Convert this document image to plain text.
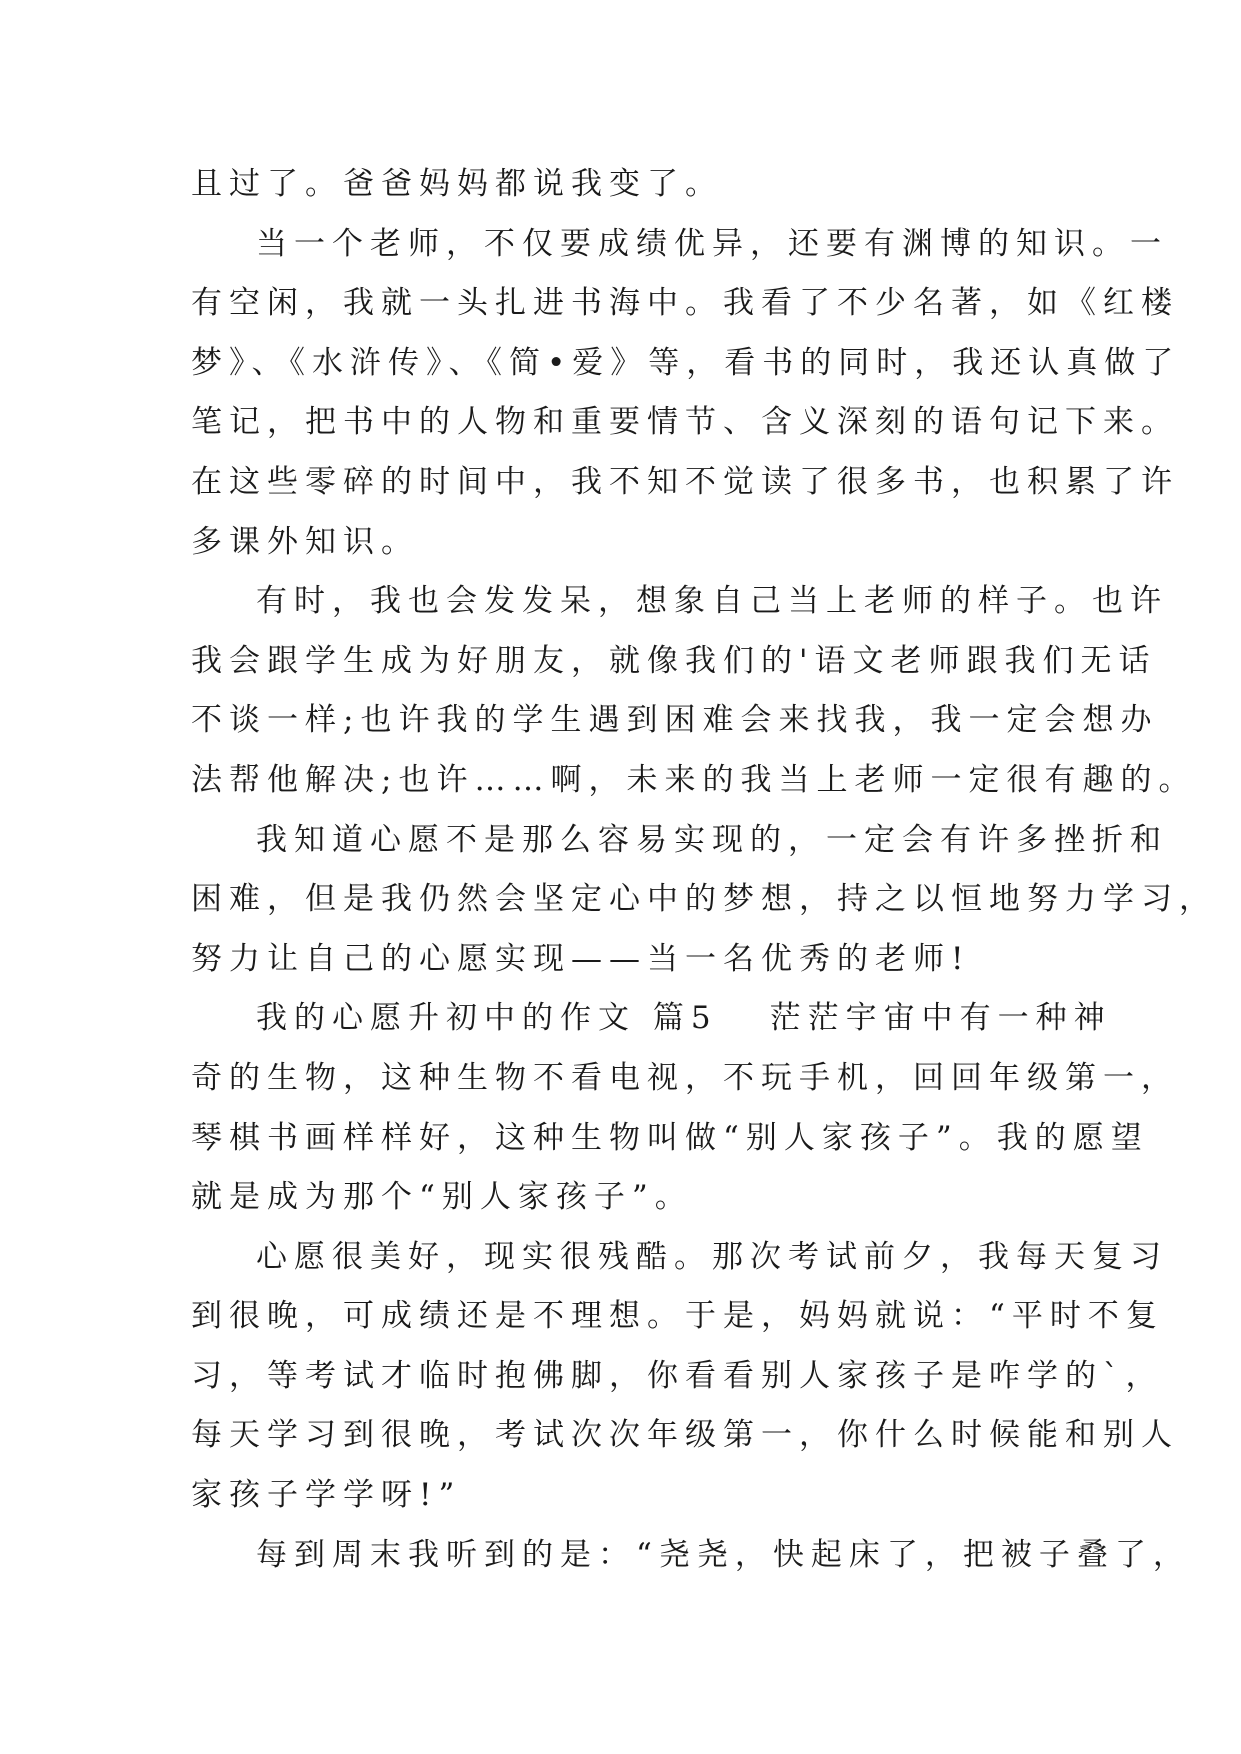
且过了。爸爸妈妈都说我变了。
当一个老师，不仅要成绩优异，还要有渊博的知识。一
有空闲，我就一头扎进书海中。我看了不少名著，如《红楼
梦》、《水浒传》、《简•爱》等，看书的同时，我还认真做了
笔记，把书中的人物和重要情节、含义深刻的语句记下来。
在这些零碎的时间中，我不知不觉读了很多书，也积累了许
多课外知识。
有时，我也会发发呆，想象自己当上老师的样子。也许
我会跟学生成为好朋友，就像我们的'语文老师跟我们无话
不谈一样;也许我的学生遇到困难会来找我，我一定会想办
法帮他解决;也许……啊，未来的我当上老师一定很有趣的。
我知道心愿不是那么容易实现的，一定会有许多挫折和
困难，但是我仍然会坚定心中的梦想，持之以恒地努力学习，
努力让自己的心愿实现——当一名优秀的老师!
我的心愿升初中的作文 篇5 茫茫宇宙中有一种神
奇的生物，这种生物不看电视，不玩手机，回回年级第一，
琴棋书画样样好，这种生物叫做“别人家孩子”。我的愿望
就是成为那个“别人家孩子”。
心愿很美好，现实很残酷。那次考试前夕，我每天复习
到很晚，可成绩还是不理想。于是，妈妈就说：“平时不复
习，等考试才临时抱佛脚，你看看别人家孩子是咋学的`，
每天学习到很晚，考试次次年级第一，你什么时候能和别人
家孩子学学呀!”
每到周末我听到的是：“尧尧，快起床了，把被子叠了，
